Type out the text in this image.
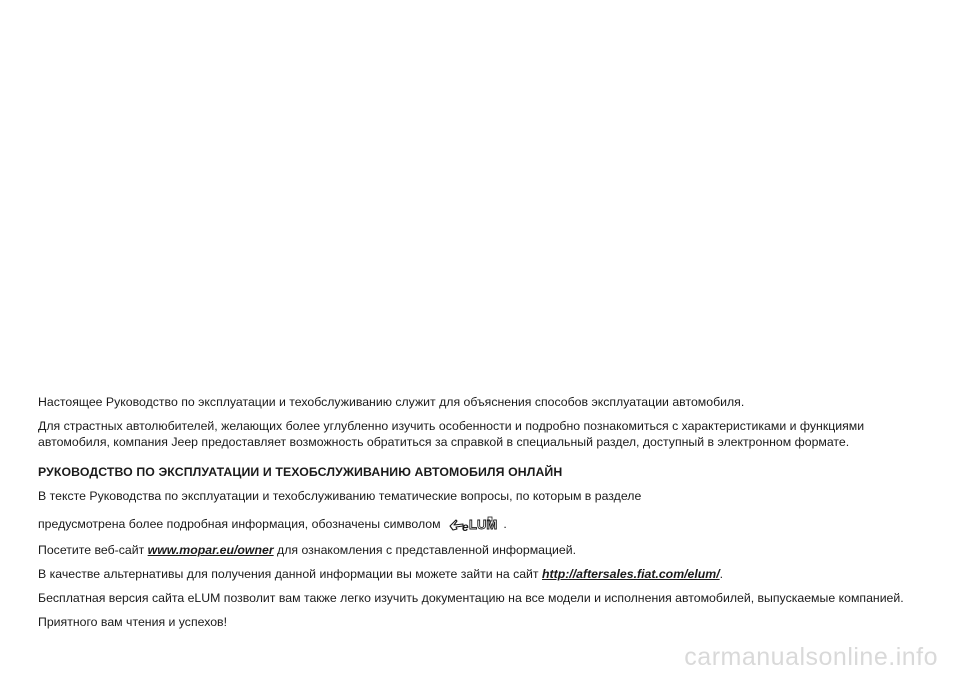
Настоящее Руководство по эксплуатации и техобслуживанию служит для объяснения способов эксплуатации автомобиля.

Для страстных автолюбителей, желающих более углубленно изучить особенности и подробно познакомиться с характеристиками и функциями автомобиля, компания Jeep предоставляет возможность обратиться за справкой в специальный раздел, доступный в электронном формате.

РУКОВОДСТВО ПО ЭКСПЛУАТАЦИИ И ТЕХОБСЛУЖИВАНИЮ АВТОМОБИЛЯ ОНЛАЙН

В тексте Руководства по эксплуатации и техобслуживанию тематические вопросы, по которым в разделе

предусмотрена более подробная информация, обозначены символом e LUM .

Посетите веб-сайт www.mopar.eu/owner для ознакомления с представленной информацией.

В качестве альтернативы для получения данной информации вы можете зайти на сайт http://aftersales.fiat.com/elum/.

Бесплатная версия сайта eLUM позволит вам также легко изучить документацию на все модели и исполнения автомобилей, выпускаемые компанией.

Приятного вам чтения и успехов!

carmanualsonline.info
